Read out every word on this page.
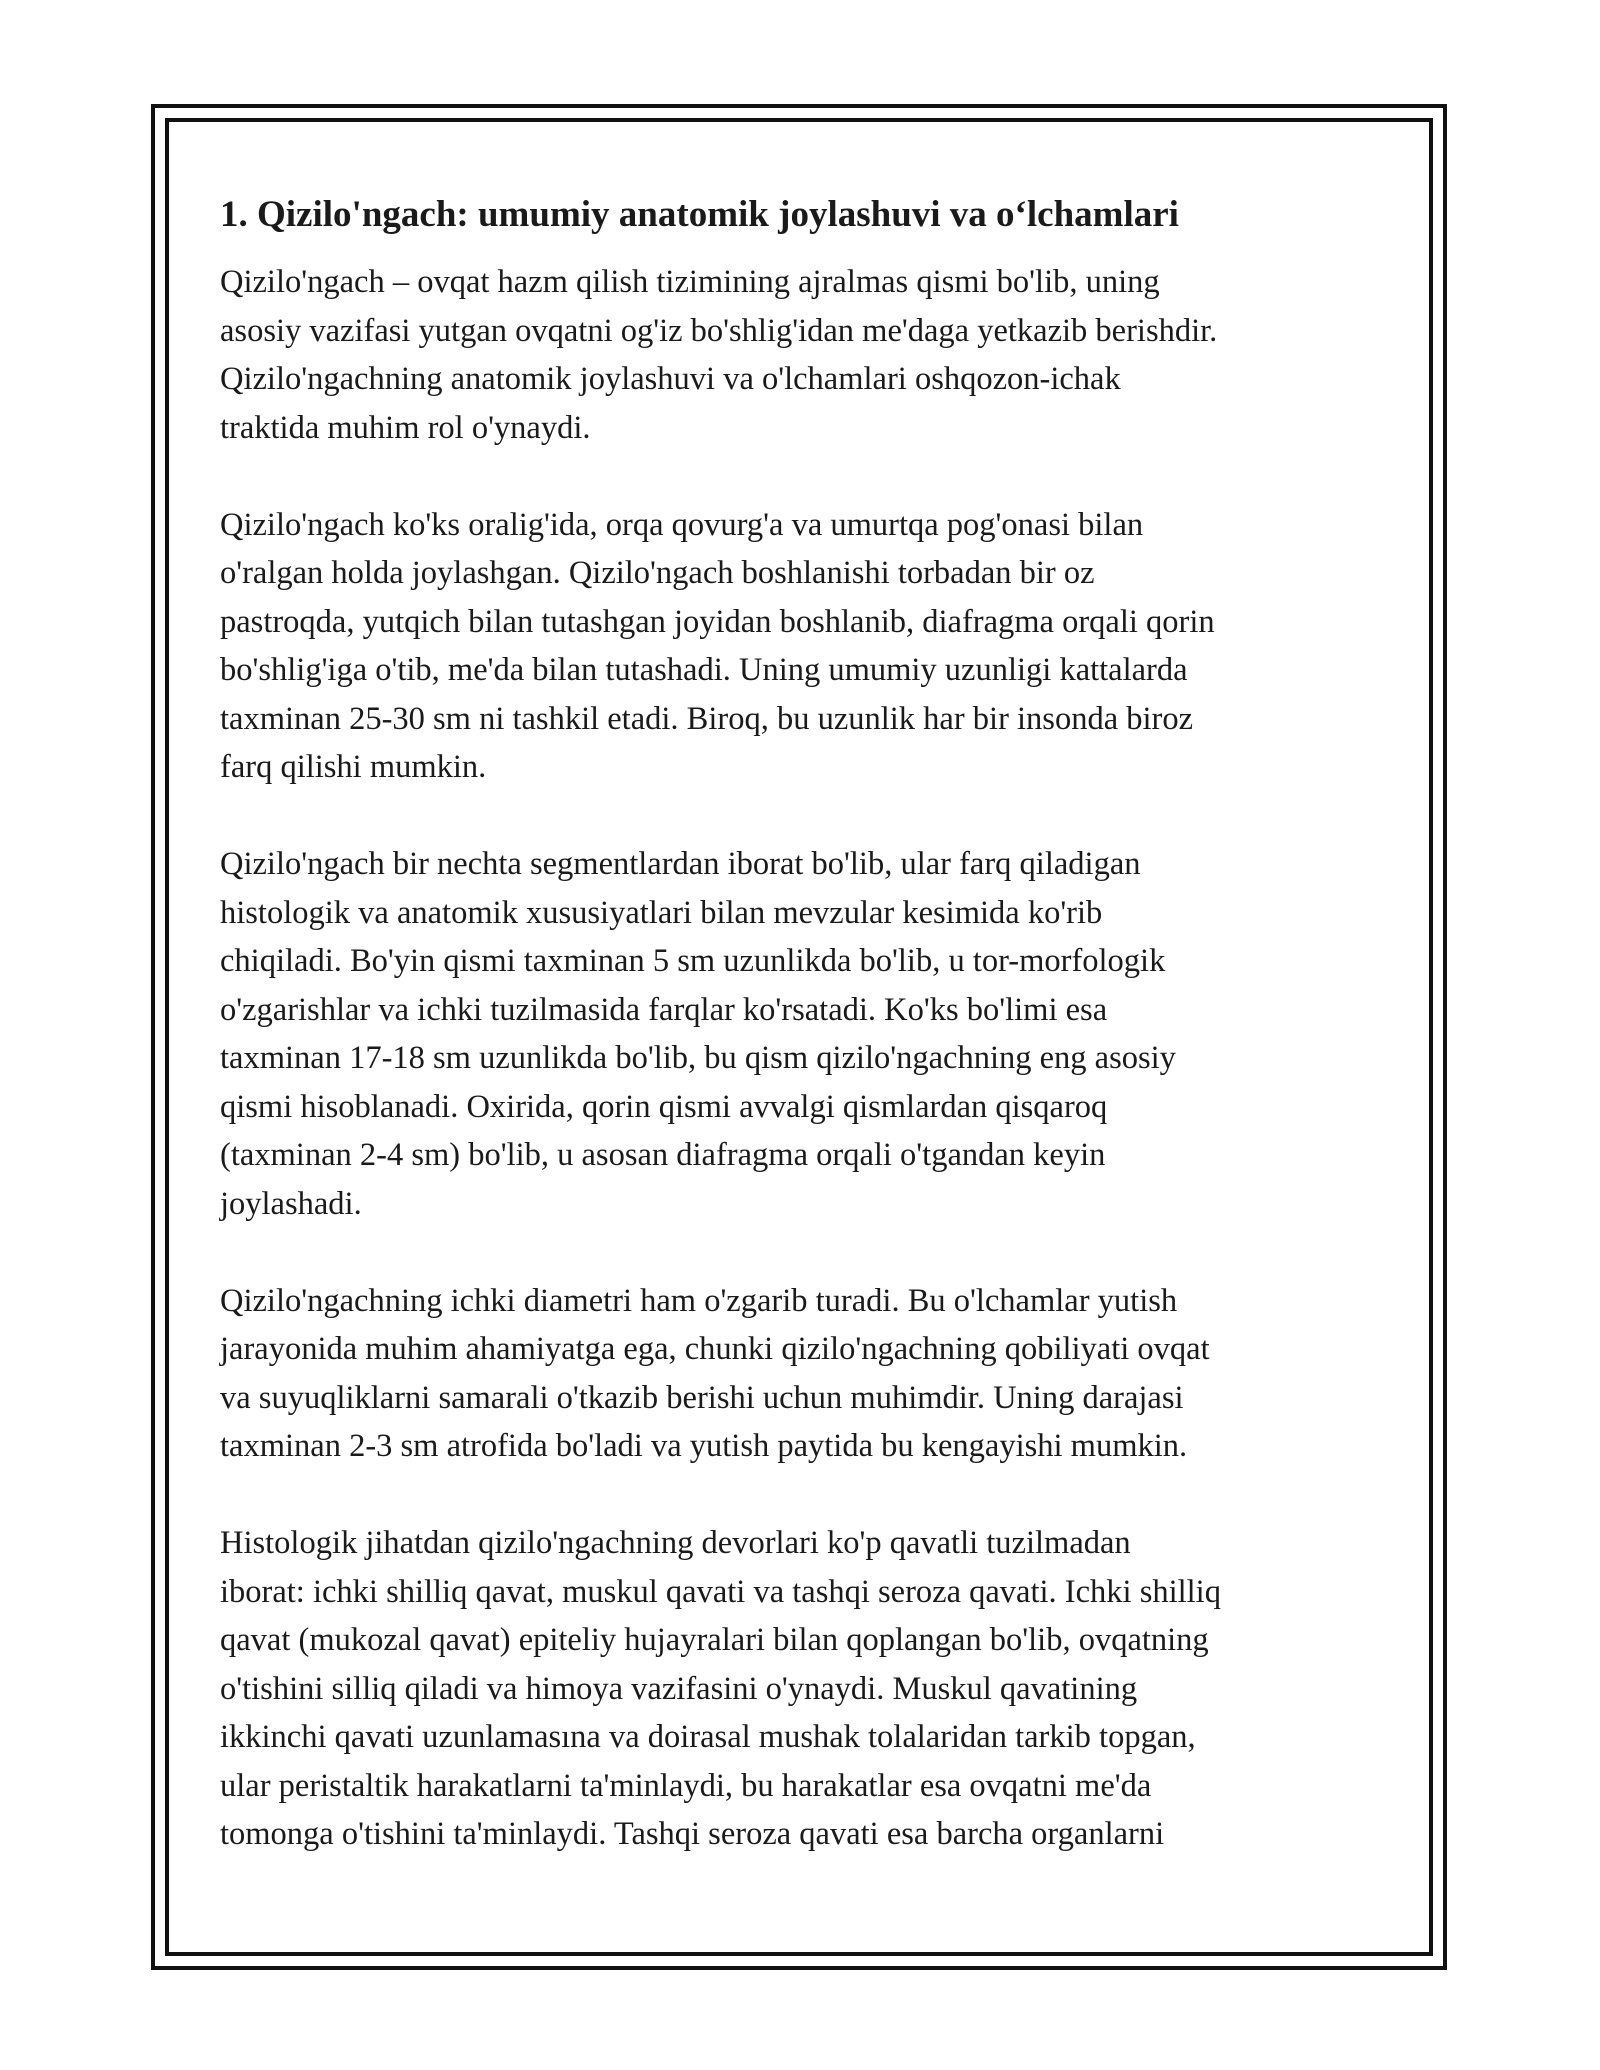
1. Qizilo'ngach: umumiy anatomik joylashuvi va o‘lchamlari

Qizilo'ngach – ovqat hazm qilish tizimining ajralmas qismi bo'lib, uning
asosiy vazifasi yutgan ovqatni og'iz bo'shlig'idan me'daga yetkazib berishdir.
Qizilo'ngachning anatomik joylashuvi va o'lchamlari oshqozon-ichak
traktida muhim rol o'ynaydi.

Qizilo'ngach ko'ks oralig'ida, orqa qovurg'a va umurtqa pog'onasi bilan
o'ralgan holda joylashgan. Qizilo'ngach boshlanishi torbadan bir oz
pastroqda, yutqich bilan tutashgan joyidan boshlanib, diafragma orqali qorin
bo'shlig'iga o'tib, me'da bilan tutashadi. Uning umumiy uzunligi kattalarda
taxminan 25-30 sm ni tashkil etadi. Biroq, bu uzunlik har bir insonda biroz
farq qilishi mumkin.

Qizilo'ngach bir nechta segmentlardan iborat bo'lib, ular farq qiladigan
histologik va anatomik xususiyatlari bilan mevzular kesimida ko'rib
chiqiladi. Bo'yin qismi taxminan 5 sm uzunlikda bo'lib, u tor-morfologik
o'zgarishlar va ichki tuzilmasida farqlar ko'rsatadi. Ko'ks bo'limi esa
taxminan 17-18 sm uzunlikda bo'lib, bu qism qizilo'ngachning eng asosiy
qismi hisoblanadi. Oxirida, qorin qismi avvalgi qismlardan qisqaroq
(taxminan 2-4 sm) bo'lib, u asosan diafragma orqali o'tgandan keyin
joylashadi.

Qizilo'ngachning ichki diametri ham o'zgarib turadi. Bu o'lchamlar yutish
jarayonida muhim ahamiyatga ega, chunki qizilo'ngachning qobiliyati ovqat
va suyuqliklarni samarali o'tkazib berishi uchun muhimdir. Uning darajasi
taxminan 2-3 sm atrofida bo'ladi va yutish paytida bu kengayishi mumkin.

Histologik jihatdan qizilo'ngachning devorlari ko'p qavatli tuzilmadan
iborat: ichki shilliq qavat, muskul qavati va tashqi seroza qavati. Ichki shilliq
qavat (mukozal qavat) epiteliy hujayralari bilan qoplangan bo'lib, ovqatning
o'tishini silliq qiladi va himoya vazifasini o'ynaydi. Muskul qavatining
ikkinchi qavati uzunlamasına va doirasal mushak tolalaridan tarkib topgan,
ular peristaltik harakatlarni ta'minlaydi, bu harakatlar esa ovqatni me'da
tomonga o'tishini ta'minlaydi. Tashqi seroza qavati esa barcha organlarni
